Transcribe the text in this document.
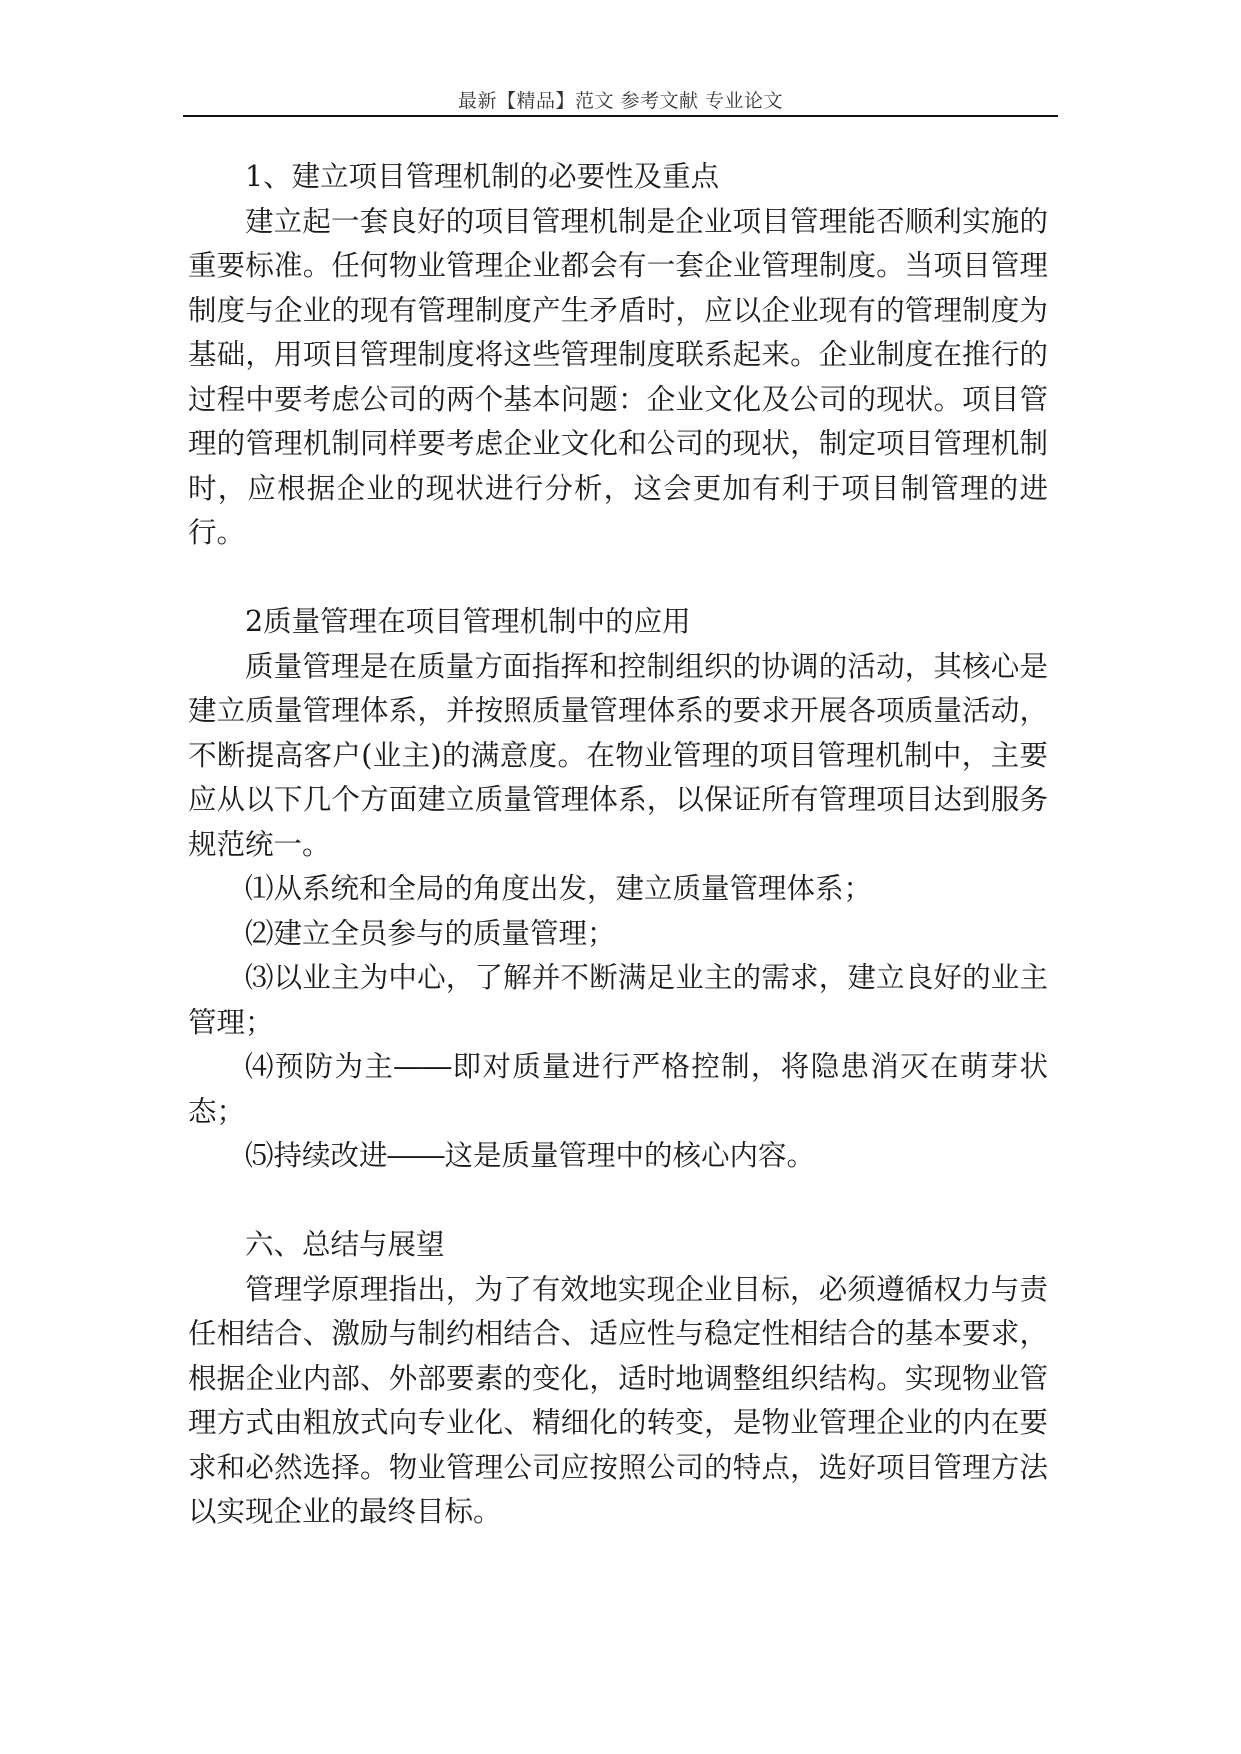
最新【精品】范文 参考文献 专业论文

1、建立项目管理机制的必要性及重点

建立起一套良好的项目管理机制是企业项目管理能否顺利实施的重要标准。任何物业管理企业都会有一套企业管理制度。当项目管理制度与企业的现有管理制度产生矛盾时，应以企业现有的管理制度为基础，用项目管理制度将这些管理制度联系起来。企业制度在推行的过程中要考虑公司的两个基本问题：企业文化及公司的现状。项目管理的管理机制同样要考虑企业文化和公司的现状，制定项目管理机制时，应根据企业的现状进行分析，这会更加有利于项目制管理的进行。

2质量管理在项目管理机制中的应用

质量管理是在质量方面指挥和控制组织的协调的活动，其核心是建立质量管理体系，并按照质量管理体系的要求开展各项质量活动，不断提高客户(业主)的满意度。在物业管理的项目管理机制中，主要应从以下几个方面建立质量管理体系，以保证所有管理项目达到服务规范统一。

⑴从系统和全局的角度出发，建立质量管理体系；

⑵建立全员参与的质量管理；

⑶以业主为中心，了解并不断满足业主的需求，建立良好的业主管理；

⑷预防为主――即对质量进行严格控制，将隐患消灭在萌芽状态；

⑸持续改进――这是质量管理中的核心内容。

六、总结与展望

管理学原理指出，为了有效地实现企业目标，必须遵循权力与责任相结合、激励与制约相结合、适应性与稳定性相结合的基本要求，根据企业内部、外部要素的变化，适时地调整组织结构。实现物业管理方式由粗放式向专业化、精细化的转变，是物业管理企业的内在要求和必然选择。物业管理公司应按照公司的特点，选好项目管理方法以实现企业的最终目标。
